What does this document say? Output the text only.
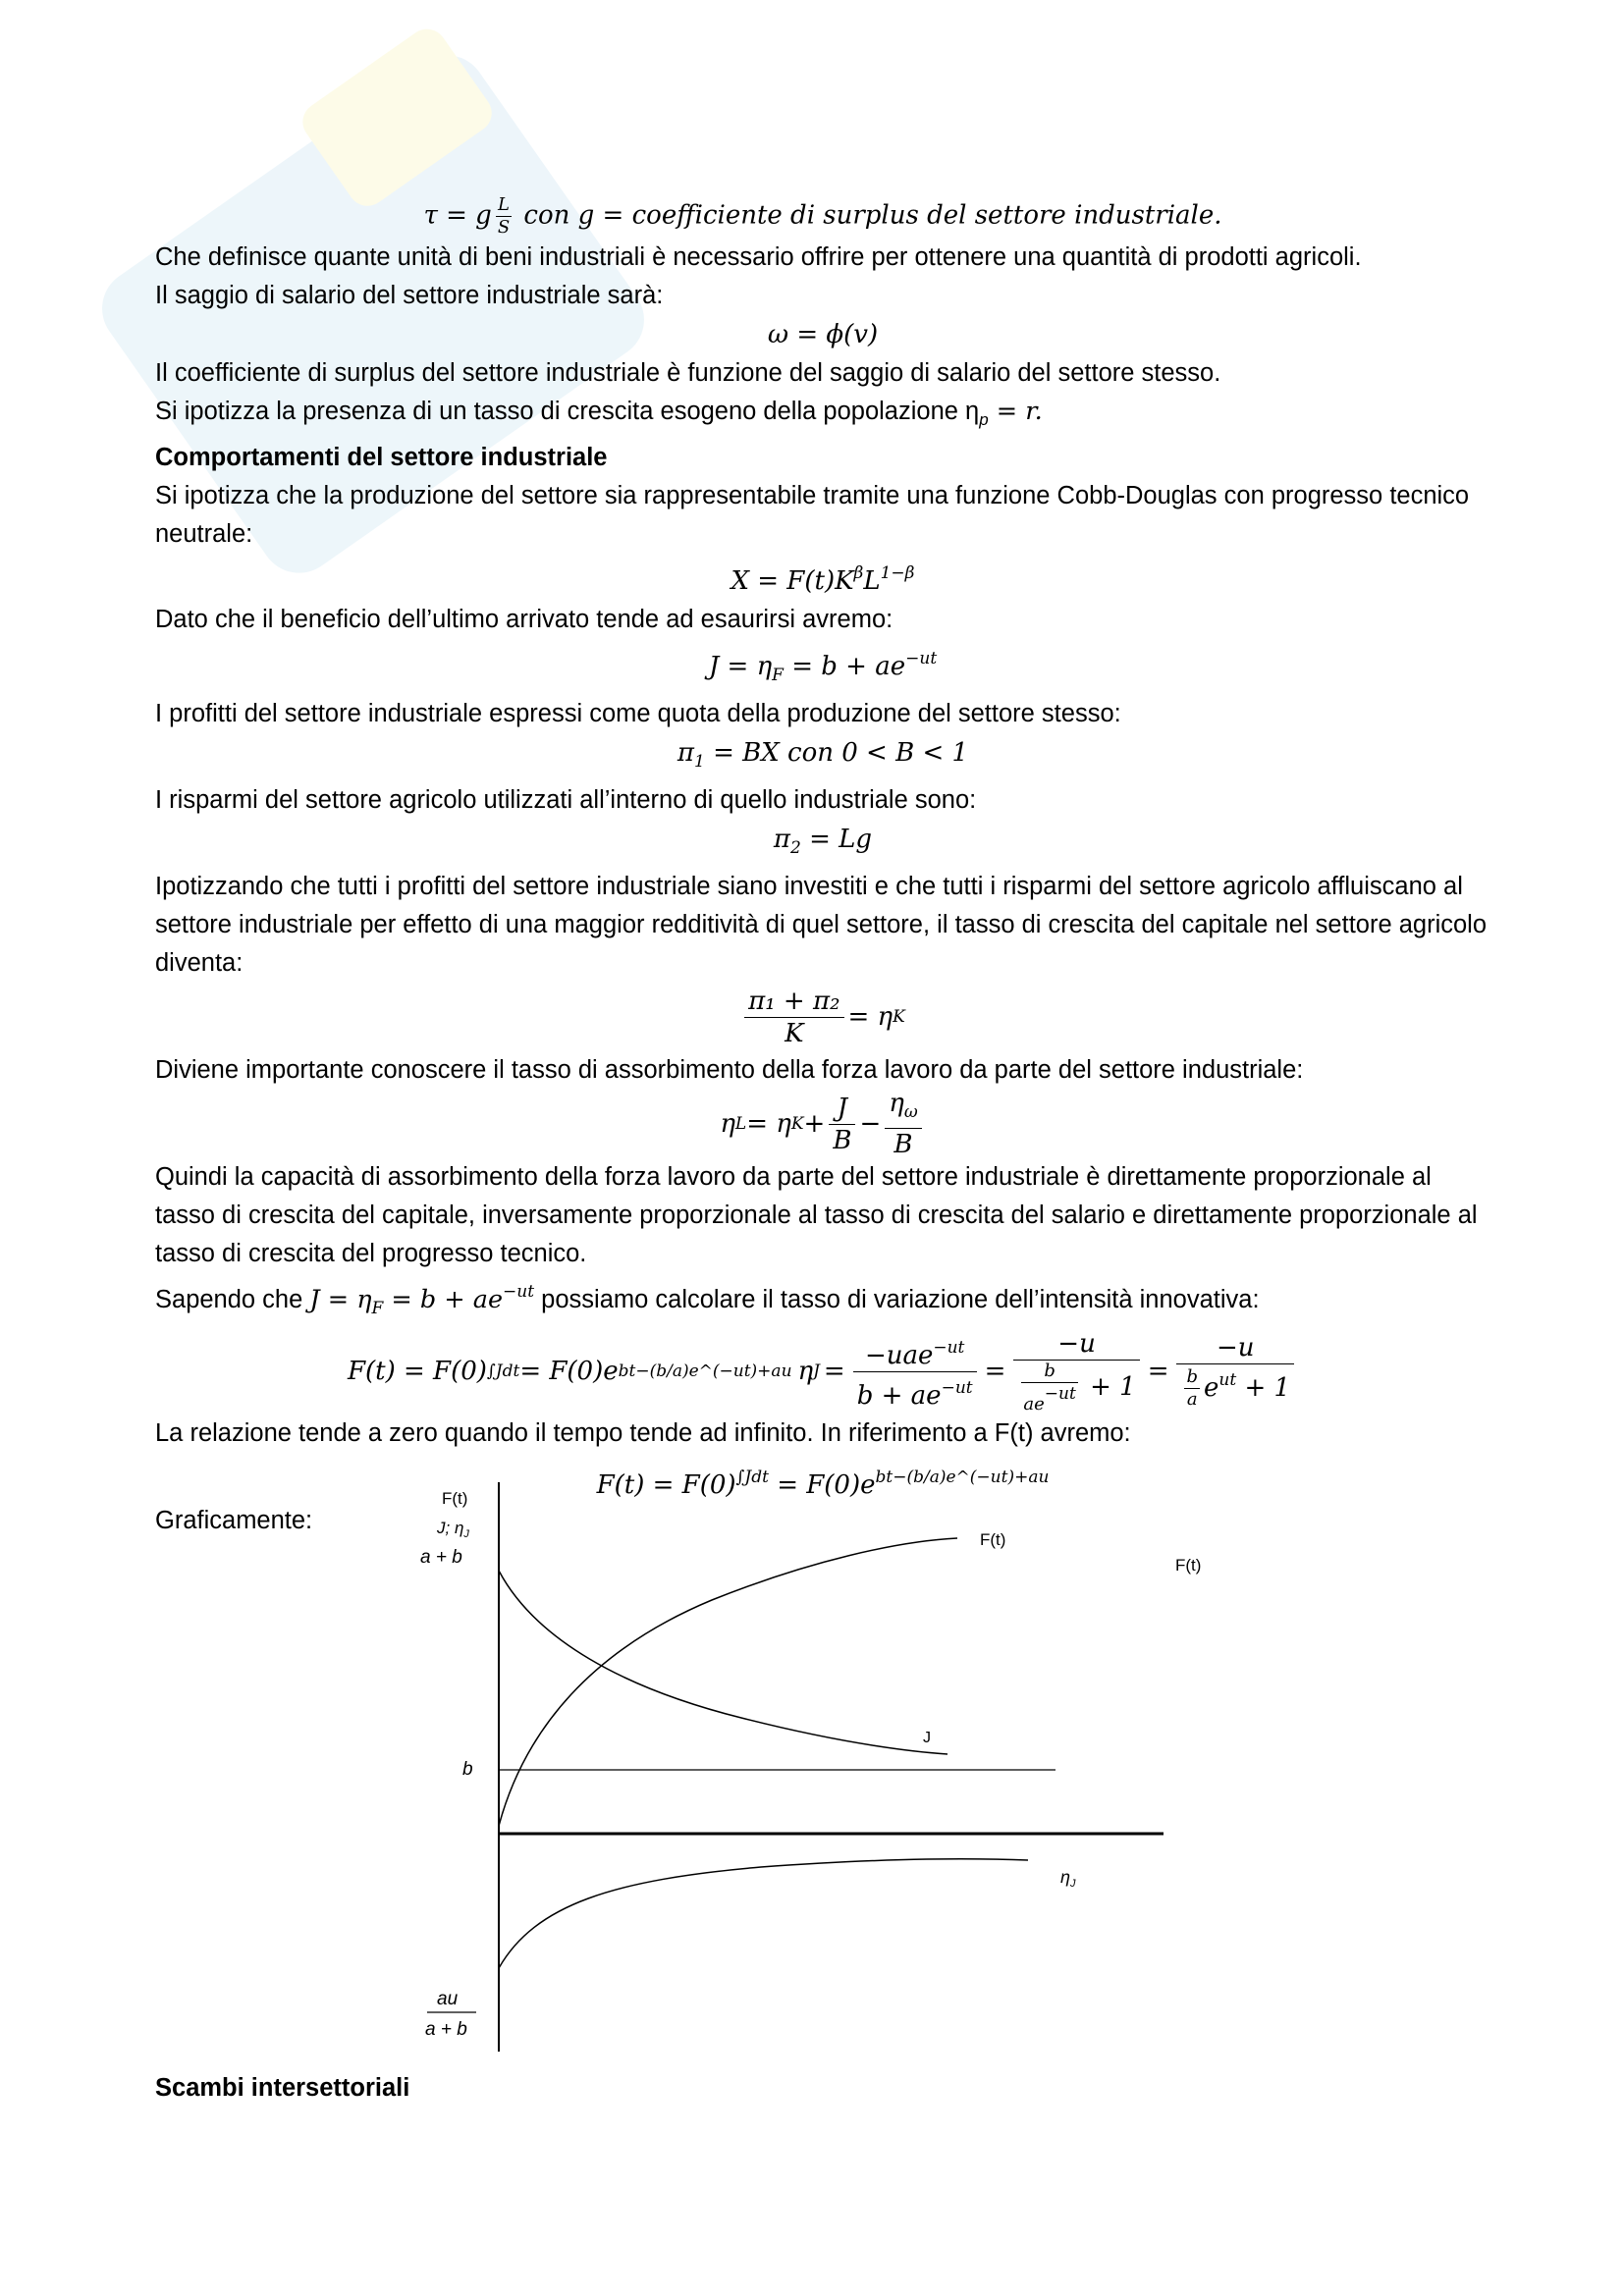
τ = g $\frac{L}{S}$ con g = coefficiente di surplus del settore industriale.
Che definisce quante unità di beni industriali è necessario offrire per ottenere una quantità di prodotti agricoli.
Il saggio di salario del settore industriale sarà:
ω = ϕ(v)
Il coefficiente di surplus del settore industriale è funzione del saggio di salario del settore stesso.
Si ipotizza la presenza di un tasso di crescita esogeno della popolazione $\eta_p = r$.
Comportamenti del settore industriale
Si ipotizza che la produzione del settore sia rappresentabile tramite una funzione Cobb-Douglas con progresso tecnico neutrale:
$X = F(t)K^\beta L^{1-\beta}$
Dato che il beneficio dell’ultimo arrivato tende ad esaurirsi avremo:
$J = \eta_F = b + ae^{-ut}$
I profitti del settore industriale espressi come quota della produzione del settore stesso:
$\pi_1$ = BX con 0 < B < 1
I risparmi del settore agricolo utilizzati all’interno di quello industriale sono:
$\pi_2 = Lg$
Ipotizzando che tutti i profitti del settore industriale siano investiti e che tutti i risparmi del settore agricolo affluiscano al settore industriale per effetto di una maggior redditività di quel settore, il tasso di crescita del capitale nel settore agricolo diventa:
$\frac{\text{π₁ + π₂}}{K} = \eta$ K
Diviene importante conoscere il tasso di assorbimento della forza lavoro da parte del settore industriale:
η L = η $K + \frac{J}{B} - \frac{\eta_\omega}{B}$
Quindi la capacità di assorbimento della forza lavoro da parte del settore industriale è direttamente proporzionale al tasso di crescita del capitale, inversamente proporzionale al tasso di crescita del salario e direttamente proporzionale al tasso di crescita del progresso tecnico.
Sapendo che $J = \eta_F = b + ae^{-ut}$ possiamo calcolare il tasso di variazione dell’intensità innovativa:
F(t) = F(0) ∫Jdt = F(0)e bt−(b/a)e^(−ut)+au η $J = \frac{-uae^{-ut}}{b + ae^{-ut}} = \frac{-u}{\frac{b}{ae-ut} + 1} = \frac{-u}{\frac{b}{a} e^{ut} + 1}$
La relazione tende a zero quando il tempo tende ad infinito. In riferimento a F(t) avremo:
$F(t) = F(0)^{\int Jdt} = F(0)e^{bt-(b/a)e\^{}(-ut)+au}$
Graficamente:
F(t)
J; $\eta_J$
a + b
b
au
a + b
F(t)
F(t)
J
$\eta_J$
Scambi intersettoriali
